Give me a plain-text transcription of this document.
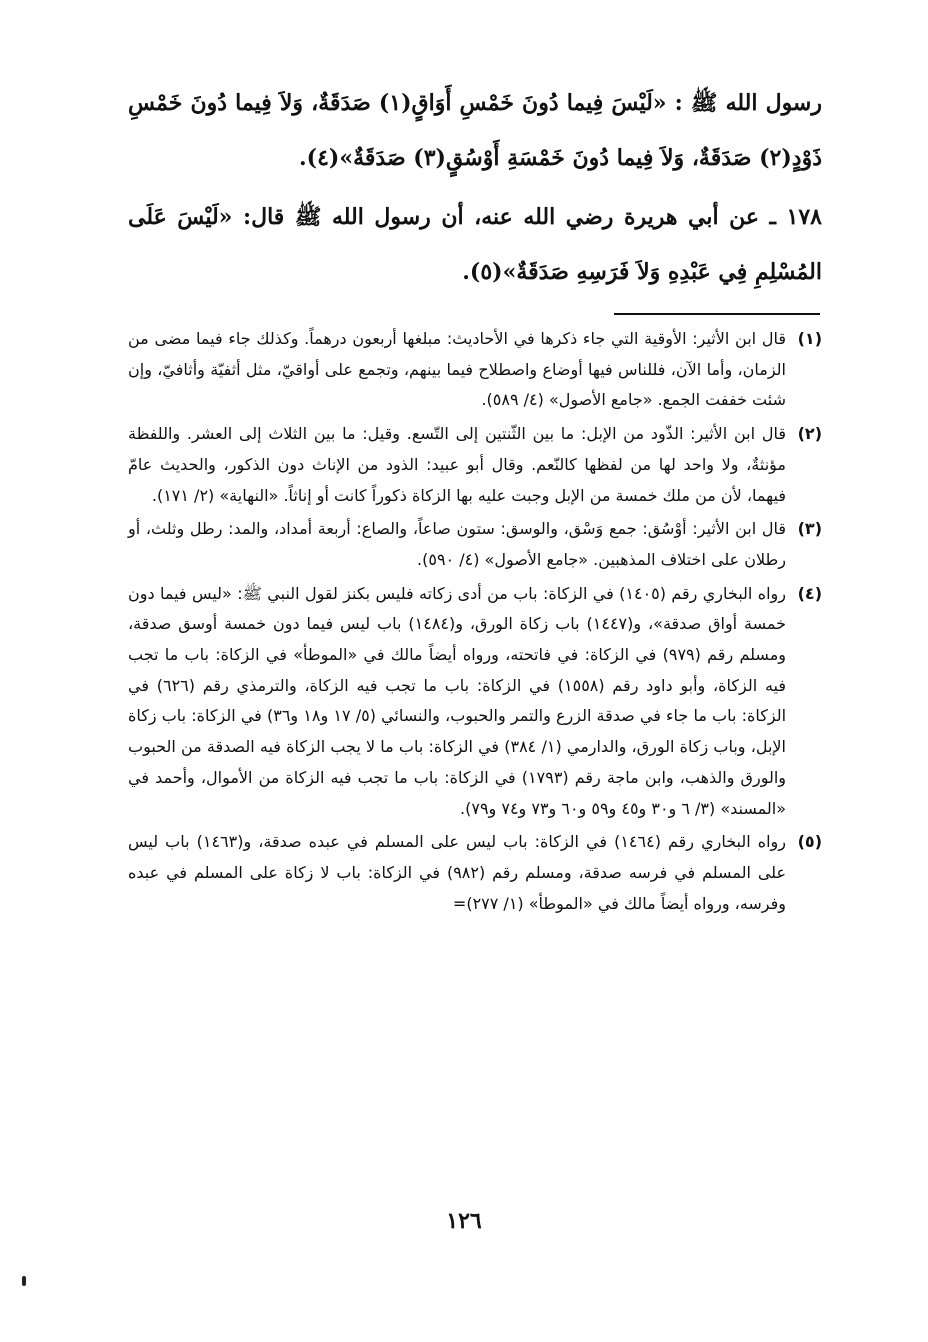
رسول الله ﷺ : «لَيْسَ فِيما دُونَ خَمْسِ أَوَاقٍ(١) صَدَقَةٌ، وَلاَ فِيما دُونَ خَمْسِ ذَوْدٍ(٢) صَدَقَةٌ، وَلاَ فِيما دُونَ خَمْسَةِ أَوْسُقٍ(٣) صَدَقَةٌ»(٤).

١٧٨ ـ عن أبي هريرة رضي الله عنه، أن رسول الله ﷺ قال: «لَيْسَ عَلَى المُسْلِمِ فِي عَبْدِهِ وَلاَ فَرَسِهِ صَدَقَةٌ»(٥).

(١)
قال ابن الأثير: الأوقية التي جاء ذكرها في الأحاديث: مبلغها أربعون درهماً. وكذلك جاء فيما مضى من الزمان، وأما الآن، فللناس فيها أوضاع واصطلاح فيما بينهم، وتجمع على أواقيّ، مثل أثفيّة وأثافيّ، وإن شئت خففت الجمع. «جامع الأصول» (٤/ ٥٨٩).
(٢)
قال ابن الأثير: الذّود من الإبل: ما بين الثّنتين إلى التّسع. وقيل: ما بين الثلاث إلى العشر. واللفظة مؤنثةٌ، ولا واحد لها من لفظها كالنّعم. وقال أبو عبيد: الذود من الإناث دون الذكور، والحديث عامّ فيهما، لأن من ملك خمسة من الإبل وجبت عليه بها الزكاة ذكوراً كانت أو إناثاً. «النهاية» (٢/ ١٧١).
(٣)
قال ابن الأثير: أوْسُق: جمع وَسْق، والوسق: ستون صاعاً، والصاع: أربعة أمداد، والمد: رطل وثلث، أو رطلان على اختلاف المذهبين. «جامع الأصول» (٤/ ٥٩٠).
(٤)
رواه البخاري رقم (١٤٠٥) في الزكاة: باب من أدى زكاته فليس بكنز لقول النبي ﷺ: «ليس فيما دون خمسة أواق صدقة»، و(١٤٤٧) باب زكاة الورق، و(١٤٨٤) باب ليس فيما دون خمسة أوسق صدقة، ومسلم رقم (٩٧٩) في الزكاة: في فاتحته، ورواه أيضاً مالك في «الموطأ» في الزكاة: باب ما تجب فيه الزكاة، وأبو داود رقم (١٥٥٨) في الزكاة: باب ما تجب فيه الزكاة، والترمذي رقم (٦٢٦) في الزكاة: باب ما جاء في صدقة الزرع والتمر والحبوب، والنسائي (٥/ ١٧ و١٨ و٣٦) في الزكاة: باب زكاة الإبل، وباب زكاة الورق، والدارمي (١/ ٣٨٤) في الزكاة: باب ما لا يجب الزكاة فيه الصدقة من الحبوب والورق والذهب، وابن ماجة رقم (١٧٩٣) في الزكاة: باب ما تجب فيه الزكاة من الأموال، وأحمد في «المسند» (٣/ ٦ و٣٠ و٤٥ و٥٩ و٦٠ و٧٣ و٧٤ و٧٩).
(٥)
رواه البخاري رقم (١٤٦٤) في الزكاة: باب ليس على المسلم في عبده صدقة، و(١٤٦٣) باب ليس على المسلم في فرسه صدقة، ومسلم رقم (٩٨٢) في الزكاة: باب لا زكاة على المسلم في عبده وفرسه، ورواه أيضاً مالك في «الموطأ» (١/ ٢٧٧)=
١٢٦
